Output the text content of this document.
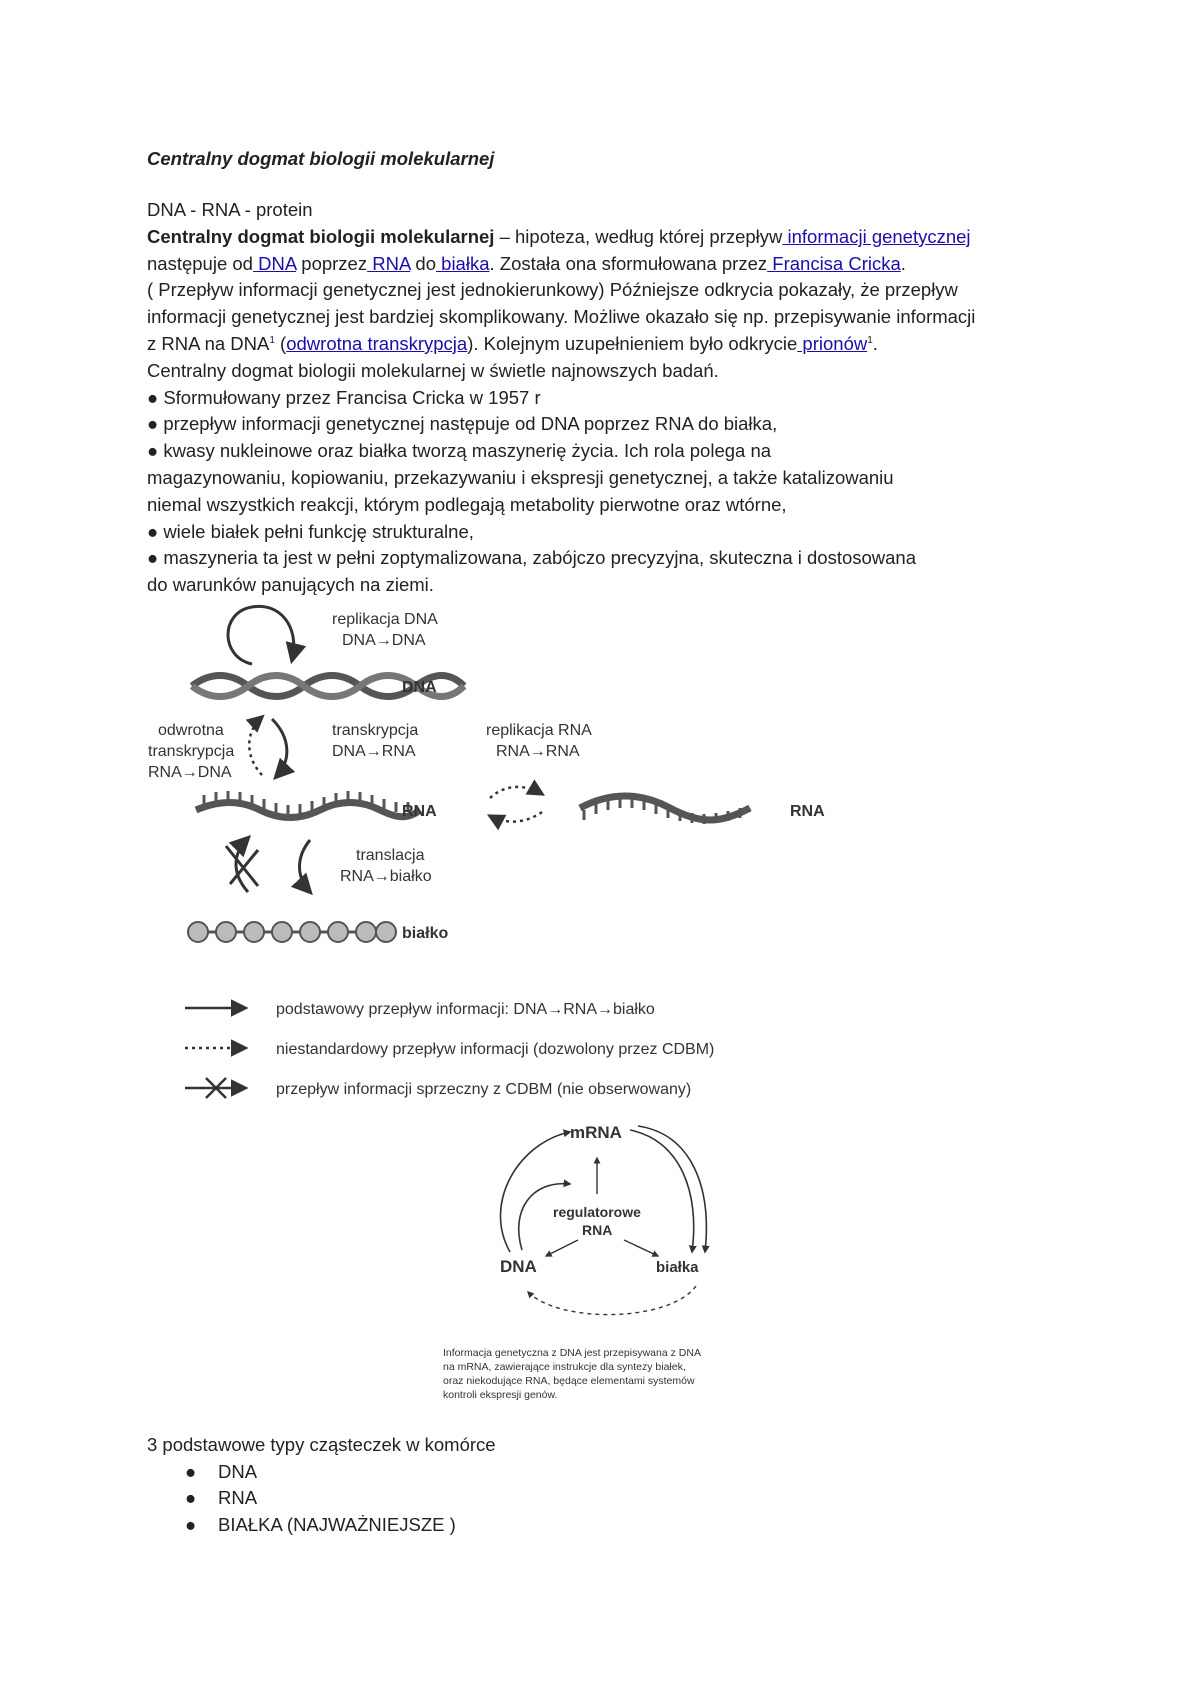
Centralny dogmat biologii molekularnej
DNA - RNA - protein
Centralny dogmat biologii molekularnej – hipoteza, według której przepływ informacji genetycznej
następuje od DNA poprzez RNA do białka. Została ona sformułowana przez Francisa Cricka.
( Przepływ informacji genetycznej jest jednokierunkowy) Późniejsze odkrycia pokazały, że przepływ
informacji genetycznej jest bardziej skomplikowany. Możliwe okazało się np. przepisywanie informacji
z RNA na DNA$^1$ (odwrotna transkrypcja). Kolejnym uzupełnieniem było odkrycie prionów$^1$.
Centralny dogmat biologii molekularnej w świetle najnowszych badań.
● Sformułowany przez Francisa Cricka w 1957 r
● przepływ informacji genetycznej następuje od DNA poprzez RNA do białka,
● kwasy nukleinowe oraz białka tworzą maszynerię życia. Ich rola polega na
magazynowaniu, kopiowaniu, przekazywaniu i ekspresji genetycznej, a także katalizowaniu
niemal wszystkich reakcji, którym podlegają metabolity pierwotne oraz wtórne,
● wiele białek pełni funkcję strukturalne,
● maszyneria ta jest w pełni zoptymalizowana, zabójczo precyzyjna, skuteczna i dostosowana
do warunków panujących na ziemi.
replikacja DNA
DNA→DNA
DNA
odwrotna
transkrypcja
RNA→DNA
transkrypcja
DNA→RNA
replikacja RNA
RNA→RNA
RNA	RNA
translacja
RNA→białko
białko
podstawowy przepływ informacji: DNA→RNA→białko
niestandardowy przepływ informacji (dozwolony przez CDBM)
przepływ informacji sprzeczny z CDBM (nie obserwowany)
mRNA
regulatorowe
RNA
DNA	białka
Informacja genetyczna z DNA jest przepisywana z DNA
na mRNA, zawierające instrukcje dla syntezy białek,
oraz niekodujące RNA, będące elementami systemów
kontroli ekspresji genów.
3 podstawowe typy cząsteczek w komórce
● DNA
● RNA
● BIAŁKA (NAJWAŻNIEJSZE )
